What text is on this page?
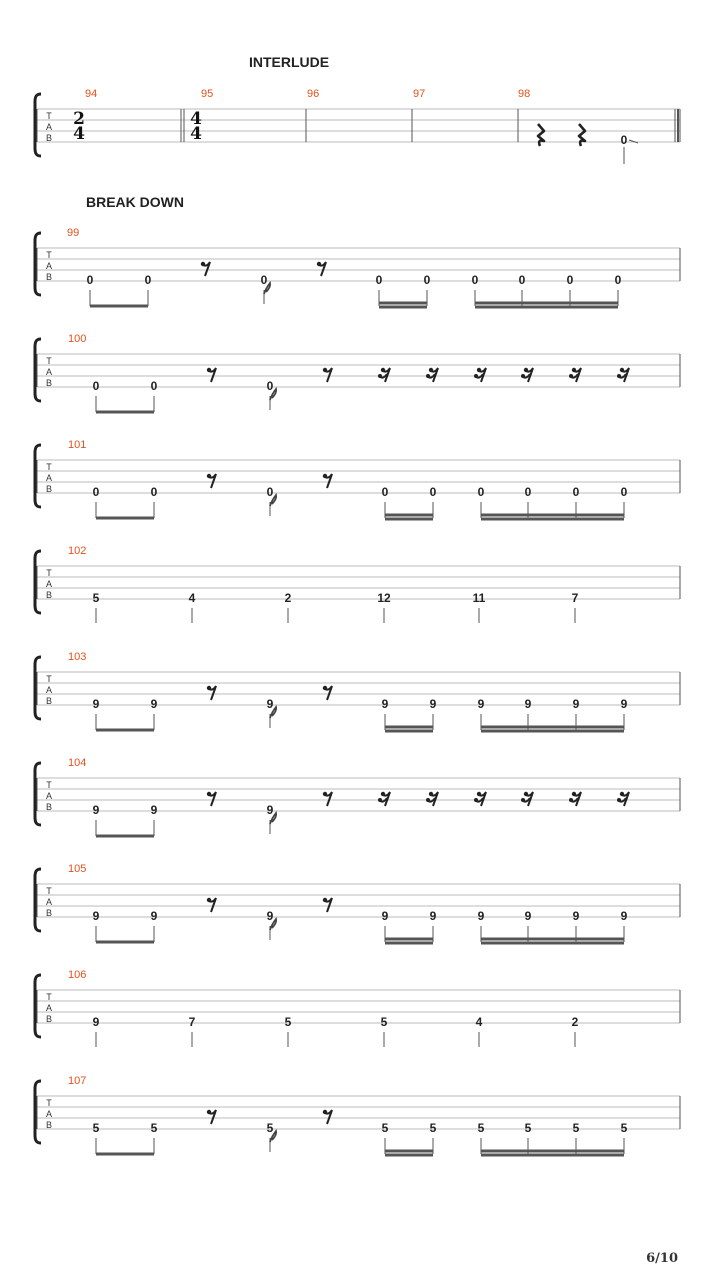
INTERLUDE
T
A
B
94	95	96	97	98
2
4
4
4	0
BREAK DOWN
T
A
B
99
0	0	0	0	0	0	0	0	0
T
A
B
100
0	0	0
T
A
B
101
0	0	0	0	0	0	0	0	0
T
A
B
102
5	4	2	12	11	7
T
A
B
103
9	9	9	9	9	9	9	9	9
T
A
B
104
9	9	9
T
A
B
105
9	9	9	9	9	9	9	9	9
T
A
B
106
9	7	5	5	4	2
T
A
B
107
5	5	5	5	5	5	5	5	5
6/10
